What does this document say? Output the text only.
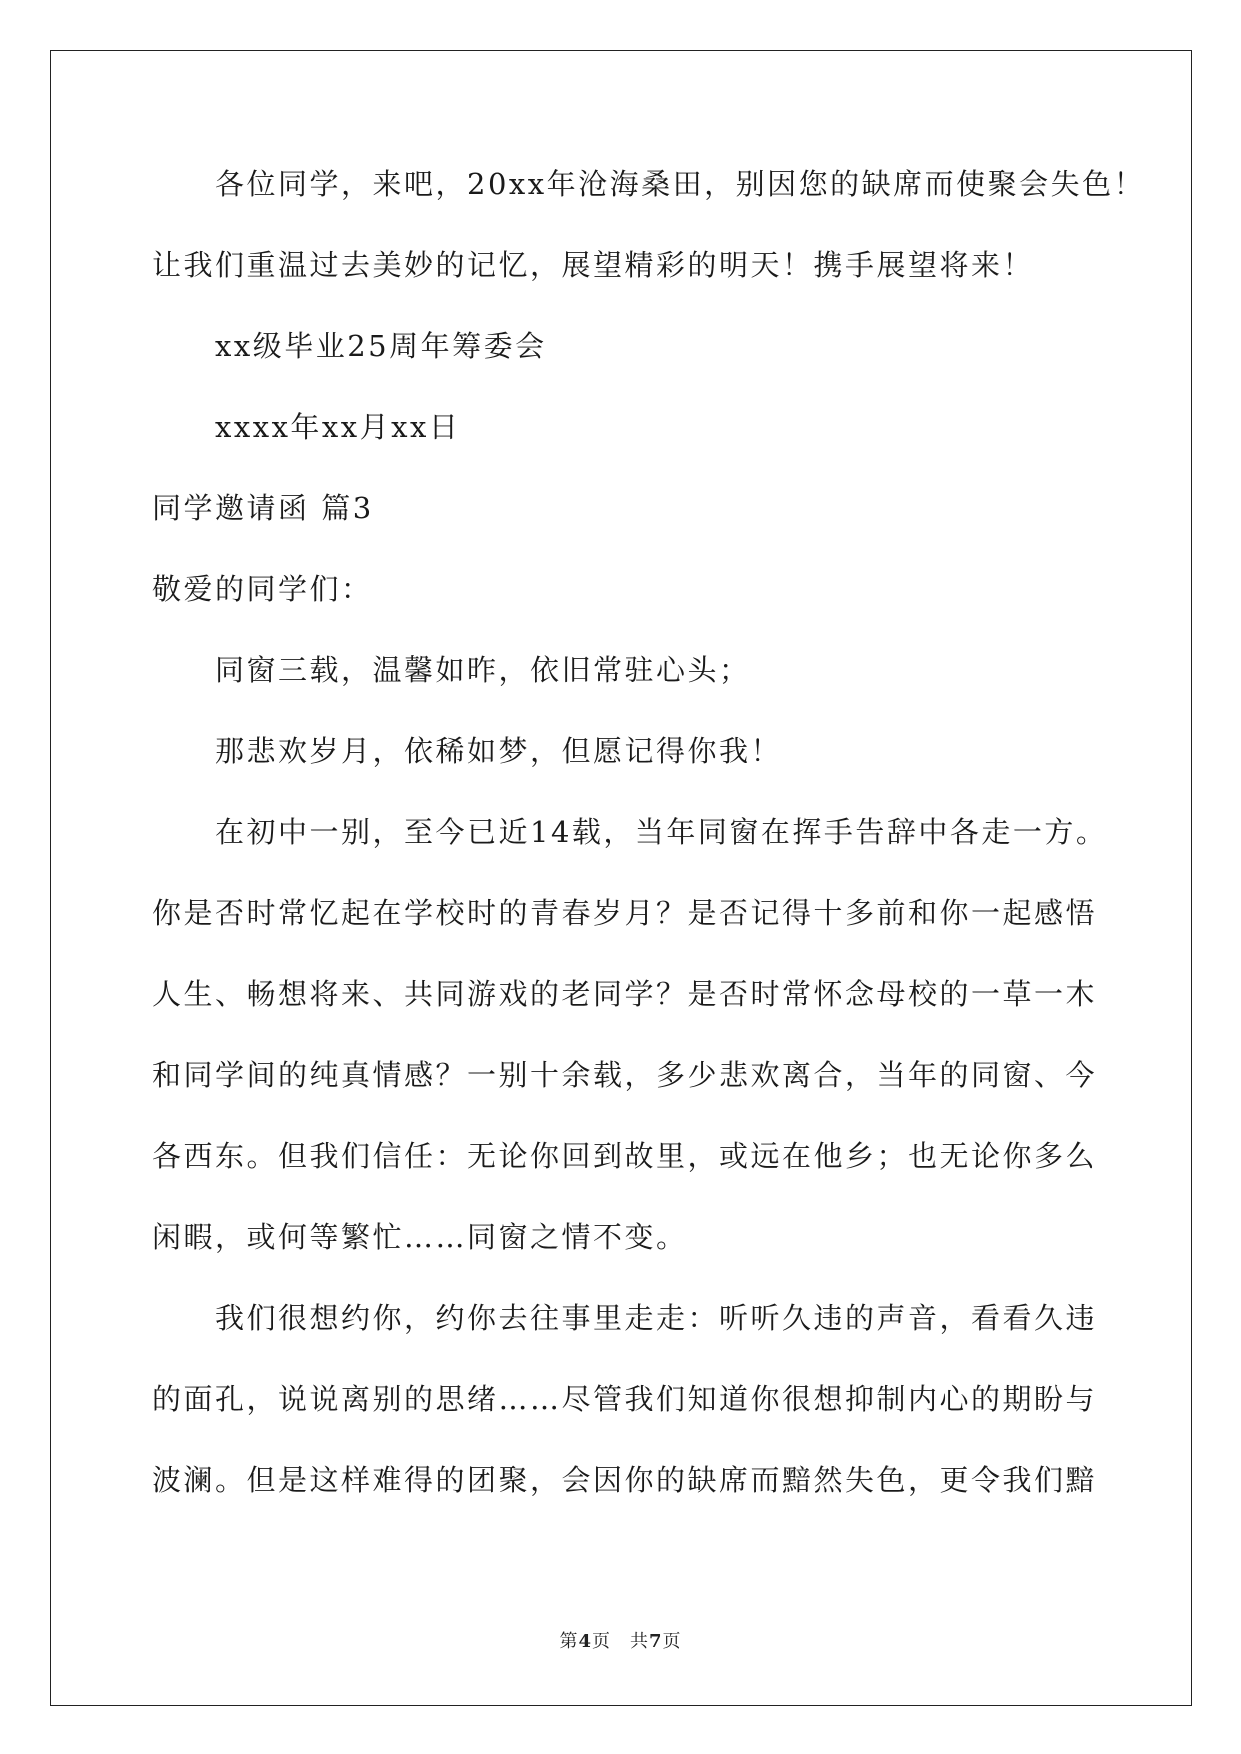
各位同学，来吧，20xx年沧海桑田，别因您的缺席而使聚会失色！
让我们重温过去美妙的记忆，展望精彩的明天！携手展望将来！
xx级毕业25周年筹委会
xxxx年xx月xx日
同学邀请函 篇3
敬爱的同学们：
同窗三载，温馨如昨，依旧常驻心头；
那悲欢岁月，依稀如梦，但愿记得你我！
在初中一别，至今已近14载，当年同窗在挥手告辞中各走一方。
你是否时常忆起在学校时的青春岁月？是否记得十多前和你一起感悟
人生、畅想将来、共同游戏的老同学？是否时常怀念母校的一草一木
和同学间的纯真情感？一别十余载，多少悲欢离合，当年的同窗、今
各西东。但我们信任：无论你回到故里，或远在他乡；也无论你多么
闲暇，或何等繁忙……同窗之情不变。
我们很想约你，约你去往事里走走：听听久违的声音，看看久违
的面孔，说说离别的思绪……尽管我们知道你很想抑制内心的期盼与
波澜。但是这样难得的团聚，会因你的缺席而黯然失色，更令我们黯
第4页　共7页
